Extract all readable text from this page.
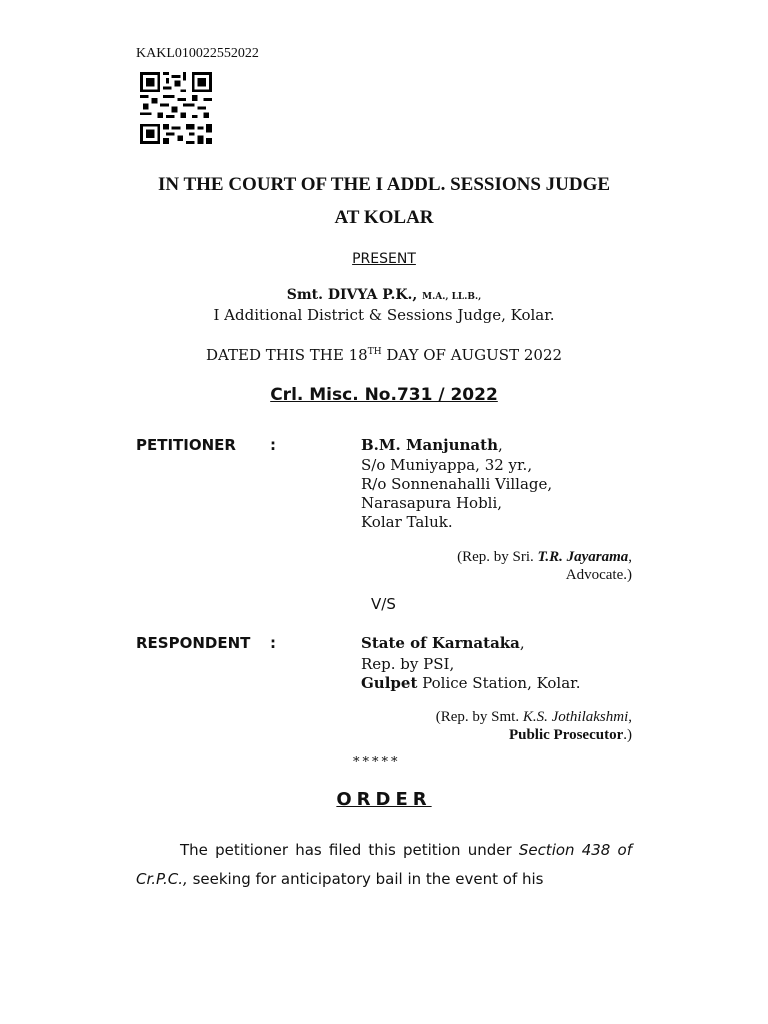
KAKL010022552022
IN THE COURT OF THE I ADDL. SESSIONS JUDGE
AT KOLAR
PRESENT
Smt. DIVYA P.K., M.A., LL.B.,
I Additional District & Sessions Judge, Kolar.
DATED THIS THE 18TH DAY OF AUGUST 2022
Crl. Misc. No.731 / 2022
PETITIONER :	B.M. Manjunath,
S/o Muniyappa, 32 yr.,
R/o Sonnenahalli Village,
Narasapura Hobli,
Kolar Taluk.
(Rep. by Sri. T.R. Jayarama,
Advocate.)
V/S
RESPONDENT :	State of Karnataka,
Rep. by PSI,
Gulpet Police Station, Kolar.
(Rep. by Smt. K.S. Jothilakshmi,
Public Prosecutor.)
*****
ORDER
The petitioner has filed this petition under Section 438 of Cr.P.C., seeking for anticipatory bail in the event of his
